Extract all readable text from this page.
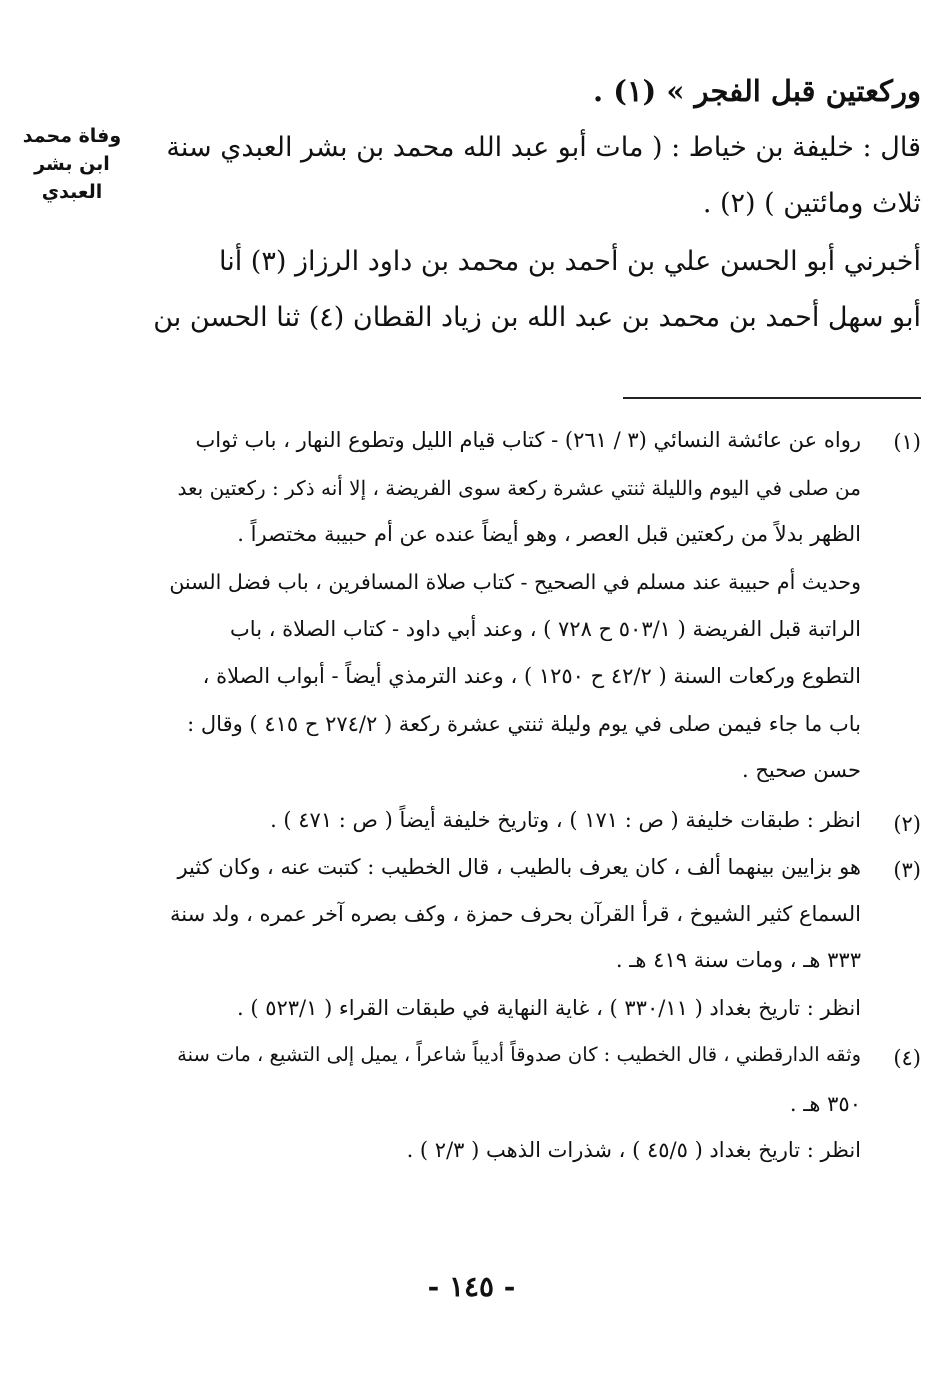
وركعتين قبل الفجر » (١) .
قال : خليفة بن خياط : ( مات أبو عبد الله محمد بن بشر العبدي سنة
ثلاث ومائتين ) (٢) .
أخبرني أبو الحسن علي بن أحمد بن محمد بن داود الرزاز (٣) أنا
أبو سهل أحمد بن محمد بن عبد الله بن زياد القطان (٤) ثنا الحسن بن
وفاة محمد
ابن بشر
العبدي
(١)
رواه عن عائشة النسائي (٣ / ٢٦١) - كتاب قيام الليل وتطوع النهار ، باب ثواب
من صلى في اليوم والليلة ثنتي عشرة ركعة سوى الفريضة ، إلا أنه ذكر : ركعتين بعد
الظهر بدلاً من ركعتين قبل العصر ، وهو أيضاً عنده عن أم حبيبة مختصراً .
وحديث أم حبيبة عند مسلم في الصحيح - كتاب صلاة المسافرين ، باب فضل السنن
الراتبة قبل الفريضة ( ٥٠٣/١ ح ٧٢٨ ) ، وعند أبي داود - كتاب الصلاة ، باب
التطوع وركعات السنة ( ٤٢/٢ ح ١٢٥٠ ) ، وعند الترمذي أيضاً - أبواب الصلاة ،
باب ما جاء فيمن صلى في يوم وليلة ثنتي عشرة ركعة ( ٢٧٤/٢ ح ٤١٥ ) وقال :
حسن صحيح .
(٢)
انظر : طبقات خليفة ( ص : ١٧١ ) ، وتاريخ خليفة أيضاً ( ص : ٤٧١ ) .
(٣)
هو بزايين بينهما ألف ، كان يعرف بالطيب ، قال الخطيب : كتبت عنه ، وكان كثير
السماع كثير الشيوخ ، قرأ القرآن بحرف حمزة ، وكف بصره آخر عمره ، ولد سنة
٣٣٣ هـ ، ومات سنة ٤١٩ هـ .
انظر : تاريخ بغداد ( ٣٣٠/١١ ) ، غاية النهاية في طبقات القراء ( ٥٢٣/١ ) .
(٤)
وثقه الدارقطني ، قال الخطيب : كان صدوقاً أديباً شاعراً ، يميل إلى التشيع ، مات سنة
٣٥٠ هـ .
انظر : تاريخ بغداد ( ٤٥/٥ ) ، شذرات الذهب ( ٢/٣ ) .
- ١٤٥ -
